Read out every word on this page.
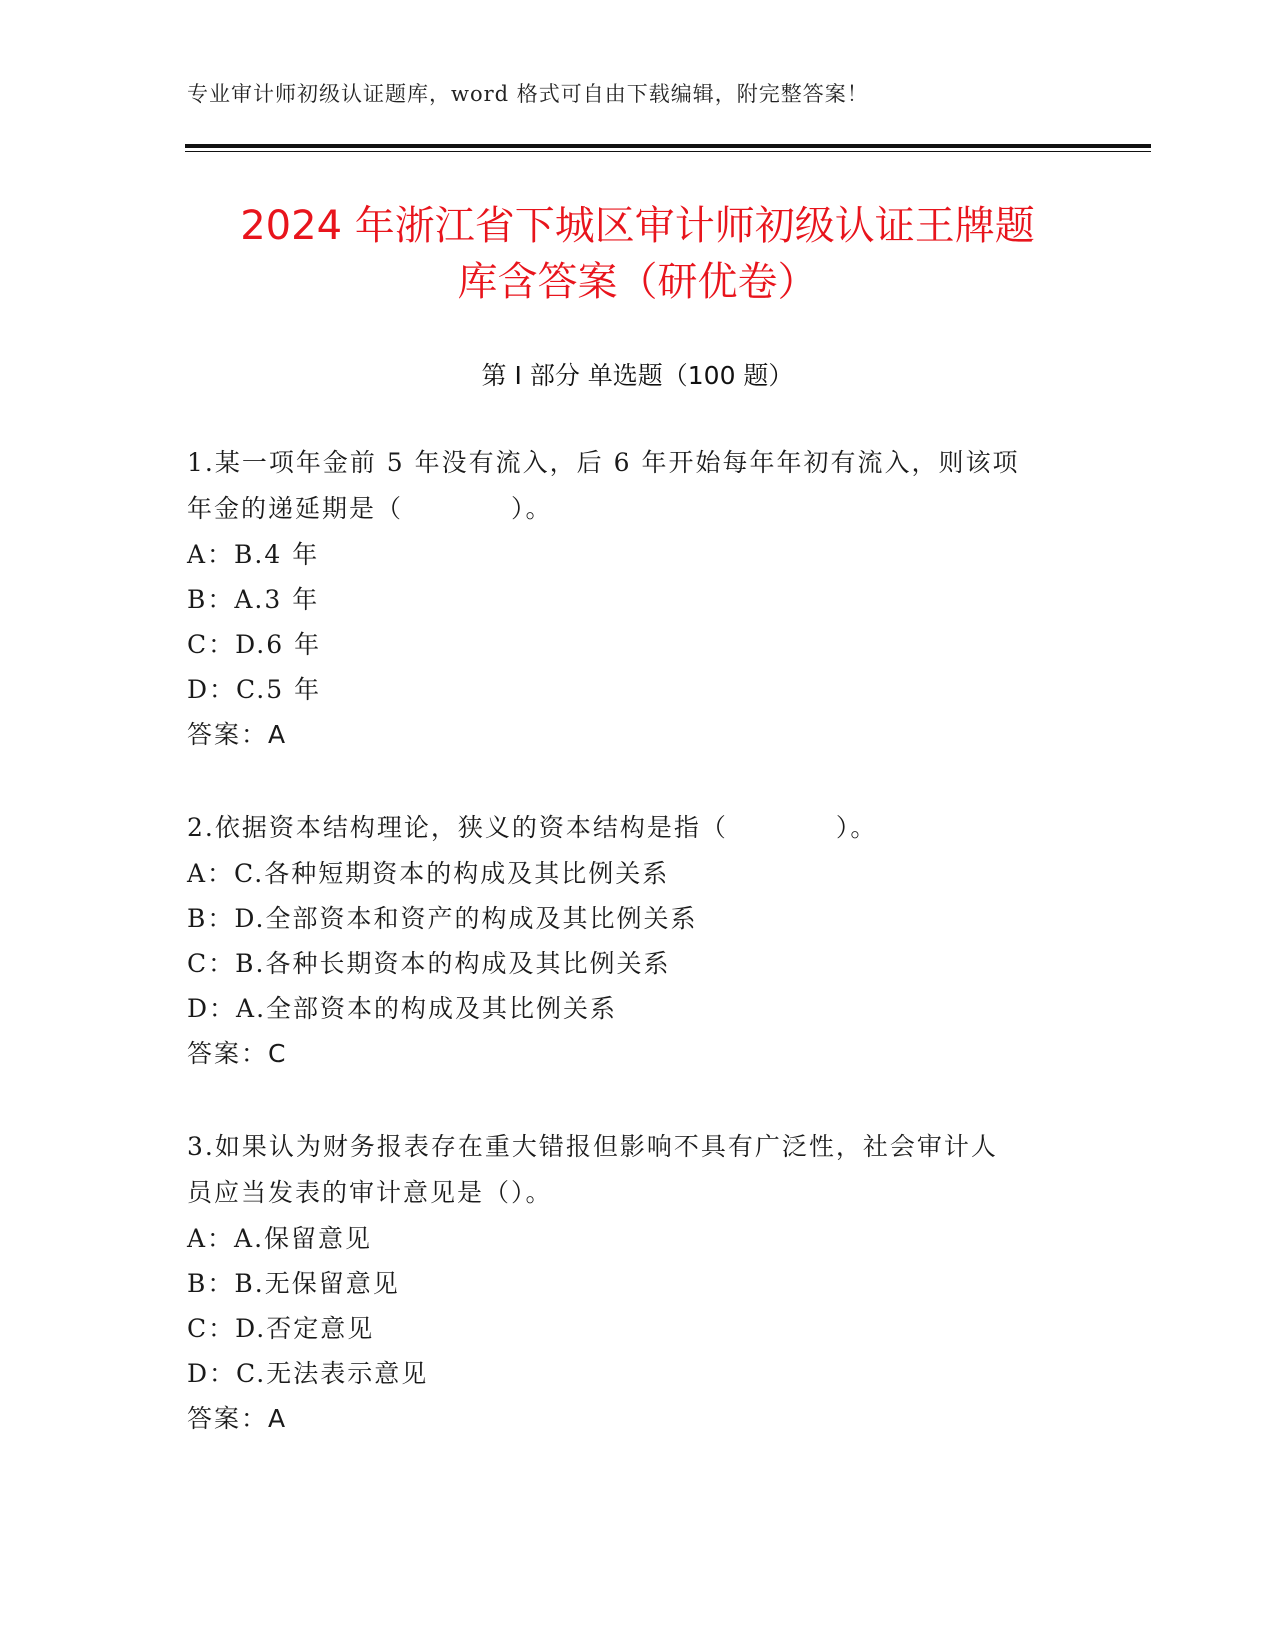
专业审计师初级认证题库，word 格式可自由下载编辑，附完整答案！
2024 年浙江省下城区审计师初级认证王牌题
库含答案（研优卷）
第 I 部分 单选题（100 题）

1.某一项年金前 5 年没有流入，后 6 年开始每年年初有流入，则该项

年金的递延期是（　　　　）。

A：B.4 年

B：A.3 年

C：D.6 年

D：C.5 年

答案：A

2.依据资本结构理论，狭义的资本结构是指（　　　　）。

A：C.各种短期资本的构成及其比例关系

B：D.全部资本和资产的构成及其比例关系

C：B.各种长期资本的构成及其比例关系

D：A.全部资本的构成及其比例关系

答案：C

3.如果认为财务报表存在重大错报但影响不具有广泛性，社会审计人

员应当发表的审计意见是（）。

A：A.保留意见

B：B.无保留意见

C：D.否定意见

D：C.无法表示意见

答案：A
